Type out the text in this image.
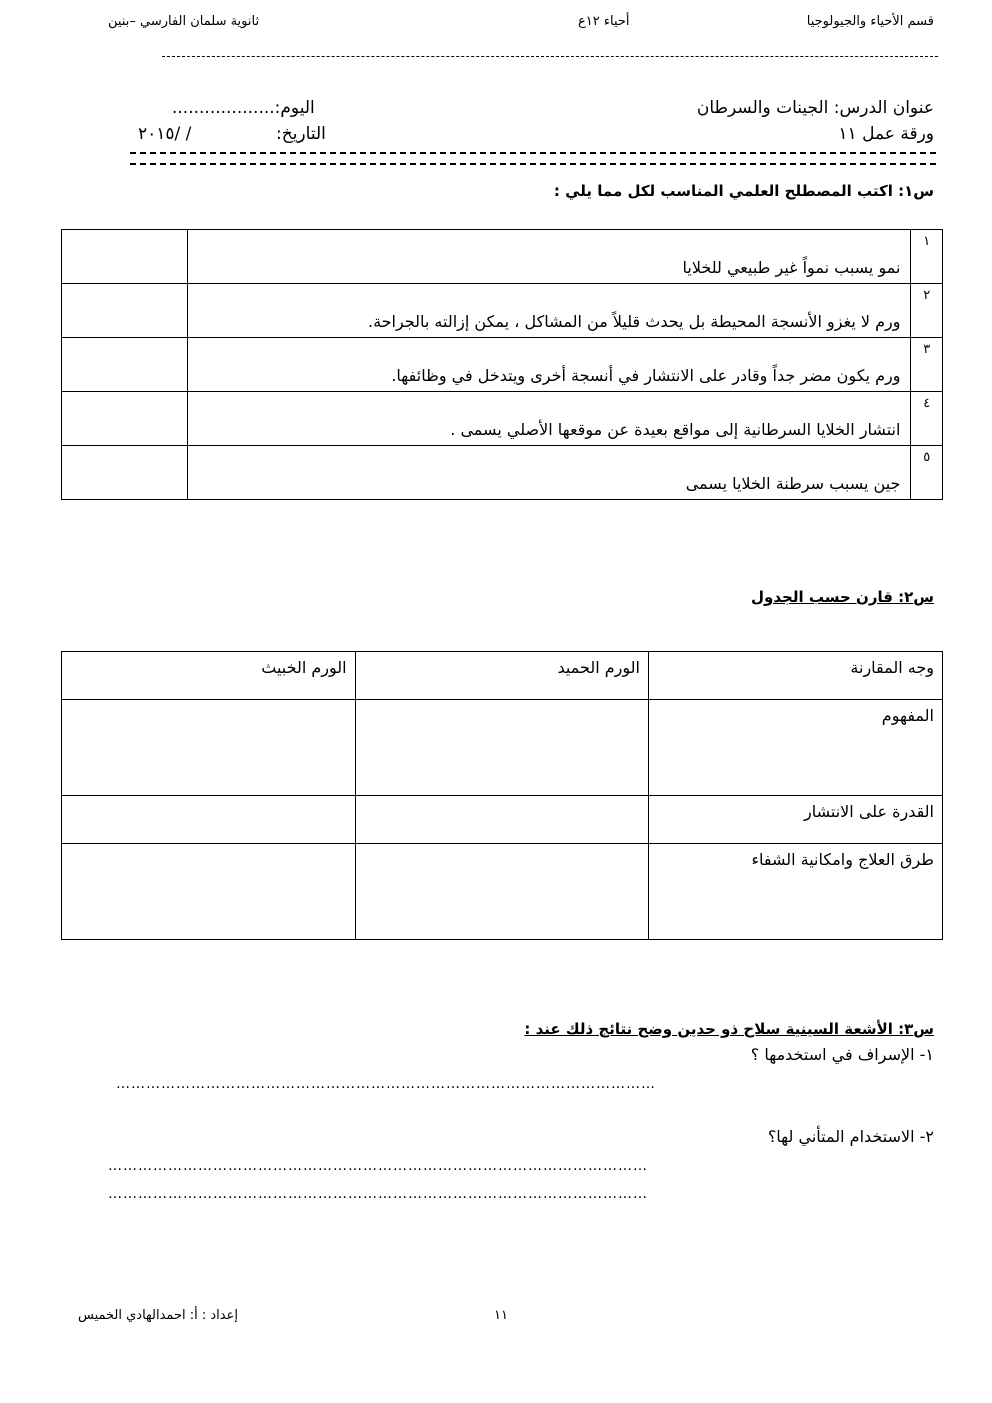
قسم الأحياء والجيولوجيا
أحياء ١٢ع
ثانوية سلمان الفارسي –بنين
عنوان الدرس: الجينات والسرطان
ورقة عمل ١١
اليوم:...................
التاريخ:
/ /٢٠١٥
س١: اكتب المصطلح العلمي المناسب لكل مما يلي :
١	نمو يسبب نمواً غير طبيعي للخلايا	
٢	ورم لا يغزو الأنسجة المحيطة بل يحدث قليلاً من المشاكل ، يمكن إزالته بالجراحة.	
٣	ورم يكون مضر جداً وقادر على الانتشار في أنسجة أخرى ويتدخل في وظائفها.	
٤	انتشار الخلايا السرطانية إلى مواقع بعيدة عن موقعها الأصلي يسمى .	
٥	جين يسبب سرطنة الخلايا يسمى	
س٢: قارن حسب الجدول
وجه المقارنة	الورم الحميد	الورم الخبيث
المفهوم		
القدرة على الانتشار		
طرق العلاج وامكانية الشفاء		
س٣: الأشعة السينية سلاح ذو حدين وضح نتائج ذلك عند :
١- الإسراف في استخدمها ؟
………………………………………………………………………………………………
٢- الاستخدام المتأني لها؟
………………………………………………………………………………………………
………………………………………………………………………………………………
١١
إعداد : أ: احمدالهادي الخميس
